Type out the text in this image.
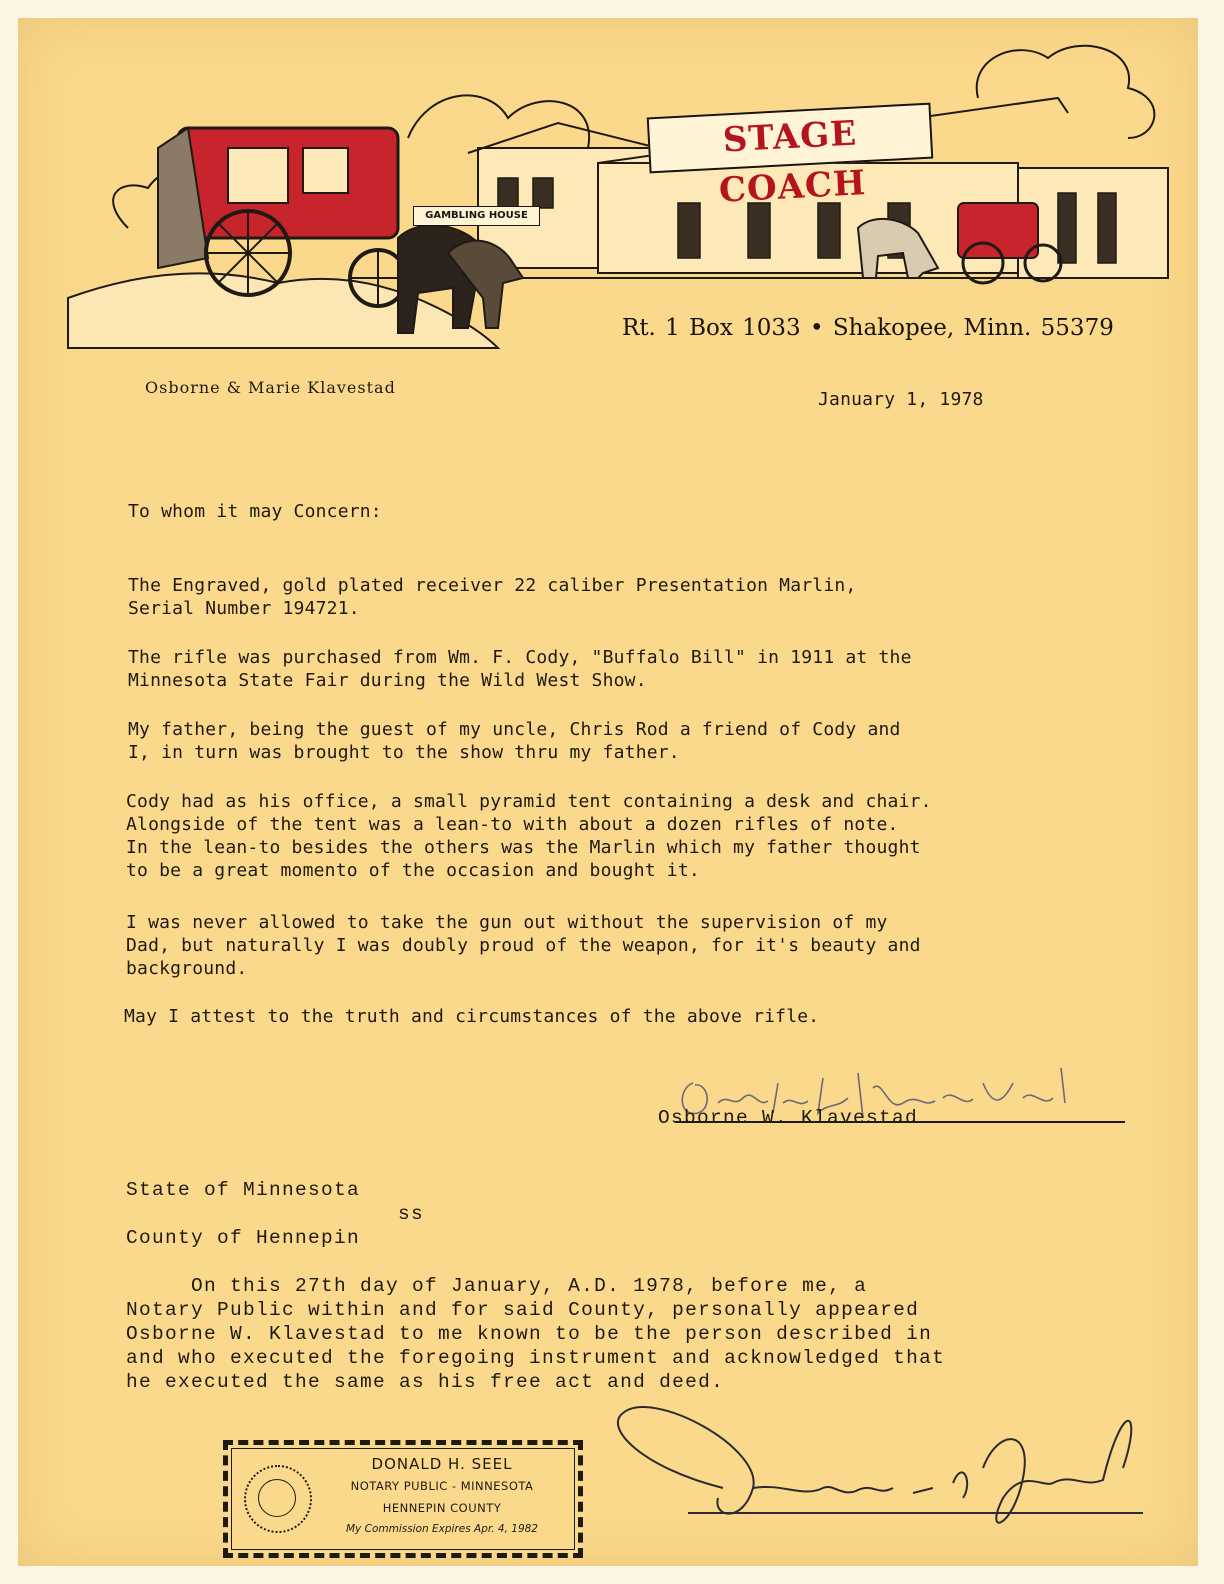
STAGE COACH
GAMBLING HOUSE
Rt. 1 Box 1033 • Shakopee, Minn. 55379
Osborne & Marie Klavestad
January 1, 1978
To whom it may Concern:
The Engraved, gold plated receiver 22 caliber Presentation Marlin,
Serial Number 194721.
The rifle was purchased from Wm. F. Cody, "Buffalo Bill" in 1911 at the
Minnesota State Fair during the Wild West Show.
My father, being the guest of my uncle, Chris Rod a friend of Cody and
I, in turn was brought to the show thru my father.
Cody had as his office, a small pyramid tent containing a desk and chair.
Alongside of the tent was a lean-to with about a dozen rifles of note.
In the lean-to besides the others was the Marlin which my father thought
to be a great momento of the occasion and bought it.
I was never allowed to take the gun out without the supervision of my
Dad, but naturally I was doubly proud of the weapon, for it's beauty and
background.
May I attest to the truth and circumstances of the above rifle.
Osborne W. Klavestad
State of Minnesota
ss
County of Hennepin
On this 27th day of January, A.D. 1978, before me, a
Notary Public within and for said County, personally appeared
Osborne W. Klavestad to me known to be the person described in
and who executed the foregoing instrument and acknowledged that
he executed the same as his free act and deed.
DONALD H. SEEL
NOTARY PUBLIC - MINNESOTA
HENNEPIN COUNTY
My Commission Expires Apr. 4, 1982
